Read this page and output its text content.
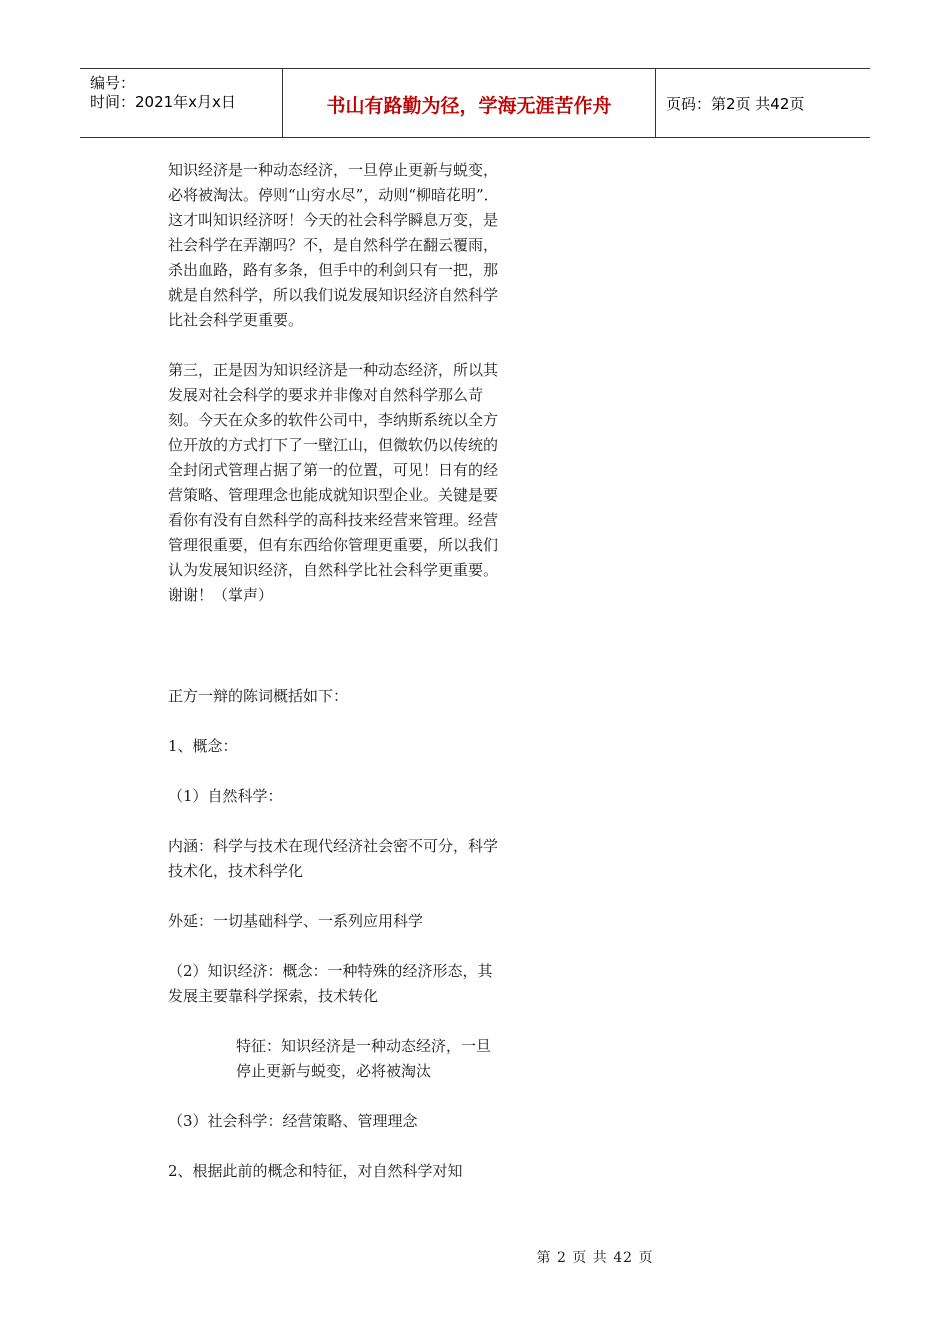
编号：
时间：2021年x月x日	书山有路勤为径，学海无涯苦作舟	页码：第2页 共42页

知识经济是一种动态经济，一旦停止更新与蜕变，必将被淘汰。停则“山穷水尽”，动则“柳暗花明”．这才叫知识经济呀！今天的社会科学瞬息万变，是社会科学在弄潮吗？不，是自然科学在翻云覆雨，杀出血路，路有多条，但手中的利剑只有一把，那就是自然科学，所以我们说发展知识经济自然科学比社会科学更重要。

第三，正是因为知识经济是一种动态经济，所以其发展对社会科学的要求并非像对自然科学那么苛刻。今天在众多的软件公司中，李纳斯系统以全方位开放的方式打下了一壁江山，但微软仍以传统的全封闭式管理占据了第一的位置，可见！日有的经营策略、管理理念也能成就知识型企业。关键是要看你有没有自然科学的高科技来经营来管理。经营管理很重要，但有东西给你管理更重要，所以我们认为发展知识经济，自然科学比社会科学更重要。谢谢！（掌声）

正方一辩的陈词概括如下：

1、概念：

（1）自然科学：

内涵：科学与技术在现代经济社会密不可分，科学技术化，技术科学化

外延：一切基础科学、一系列应用科学

（2）知识经济：概念：一种特殊的经济形态，其发展主要靠科学探索，技术转化

特征：知识经济是一种动态经济，一旦停止更新与蜕变，必将被淘汰

（3）社会科学：经营策略、管理理念

2、根据此前的概念和特征，对自然科学对知

第 2 页 共 42 页
